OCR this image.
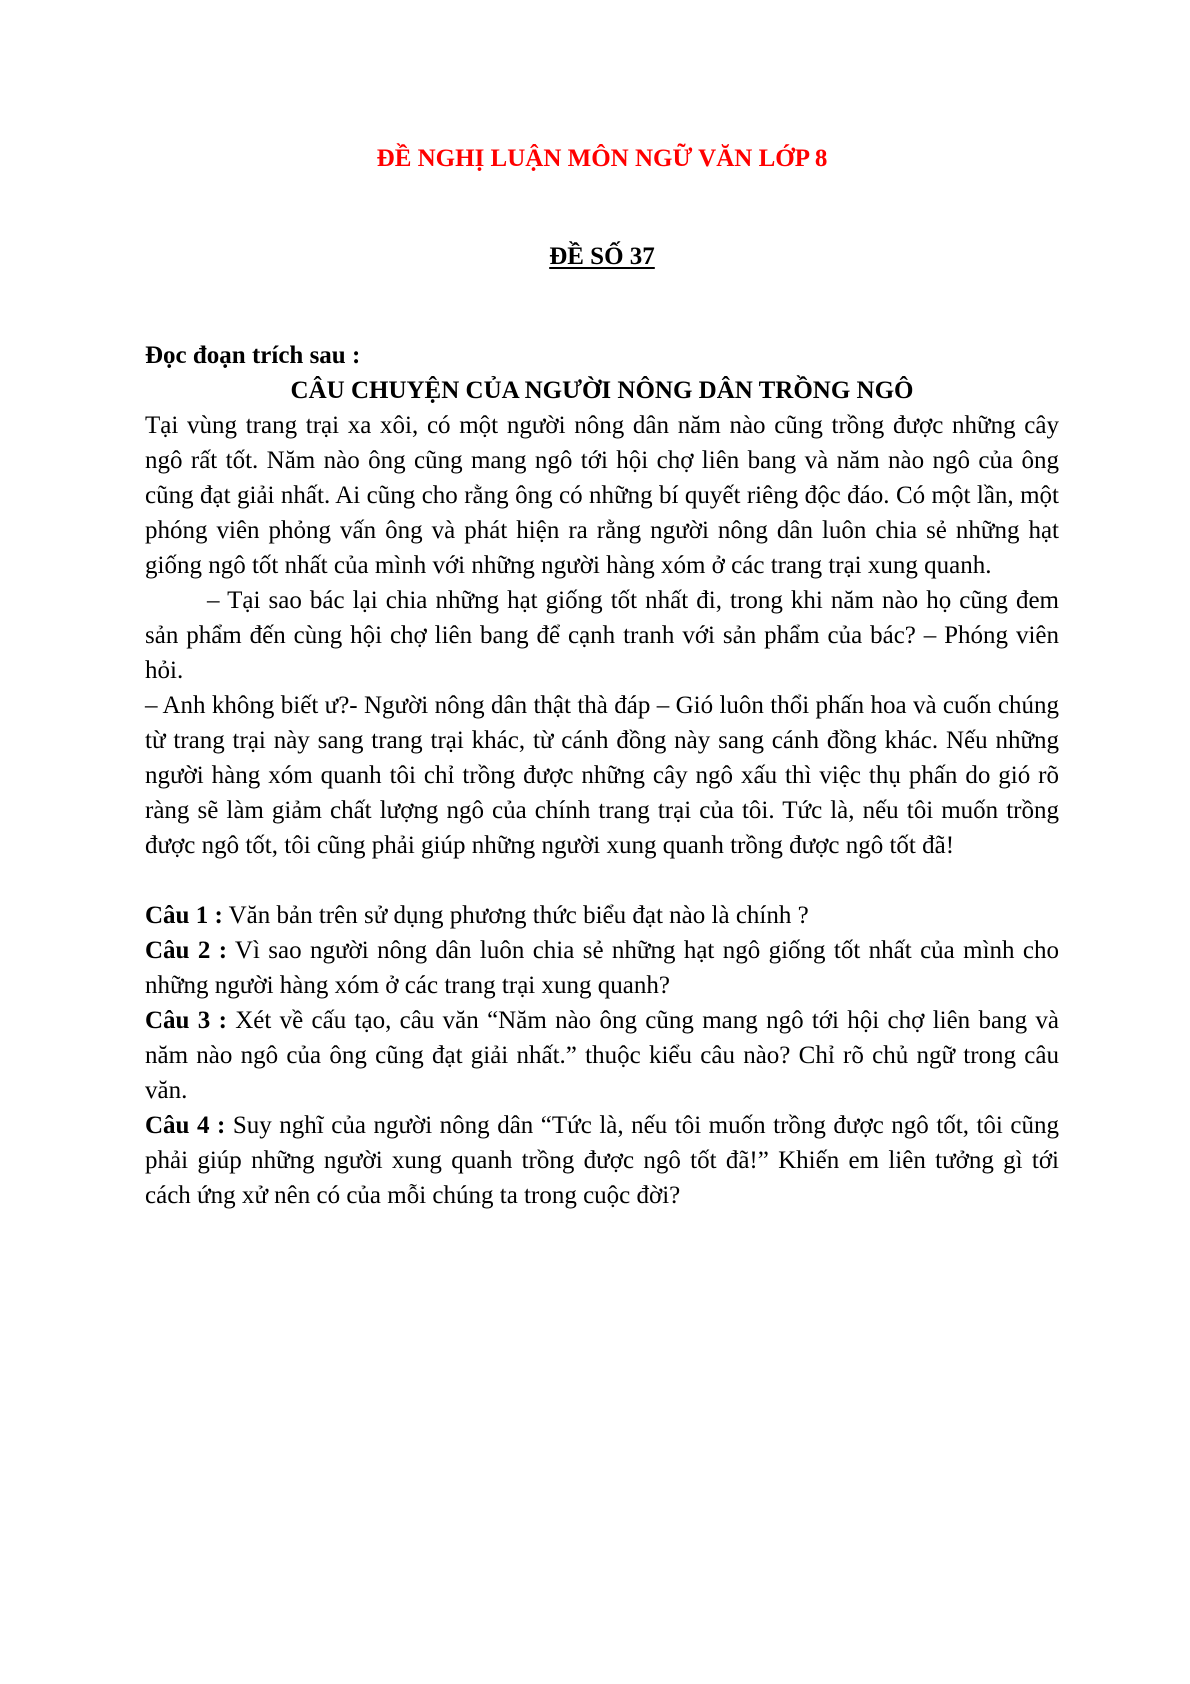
ĐỀ NGHỊ LUẬN MÔN NGỮ VĂN LỚP 8
ĐỀ SỐ 37

Đọc đoạn trích sau :

CÂU CHUYỆN CỦA NGƯỜI NÔNG DÂN TRỒNG NGÔ

Tại vùng trang trại xa xôi, có một người nông dân năm nào cũng trồng được những cây ngô rất tốt. Năm nào ông cũng mang ngô tới hội chợ liên bang và năm nào ngô của ông cũng đạt giải nhất. Ai cũng cho rằng ông có những bí quyết riêng độc đáo. Có một lần, một phóng viên phỏng vấn ông và phát hiện ra rằng người nông dân luôn chia sẻ những hạt giống ngô tốt nhất của mình với những người hàng xóm ở các trang trại xung quanh.

– Tại sao bác lại chia những hạt giống tốt nhất đi, trong khi năm nào họ cũng đem sản phẩm đến cùng hội chợ liên bang để cạnh tranh với sản phẩm của bác? – Phóng viên hỏi.

– Anh không biết ư?- Người nông dân thật thà đáp – Gió luôn thổi phấn hoa và cuốn chúng từ trang trại này sang trang trại khác, từ cánh đồng này sang cánh đồng khác. Nếu những người hàng xóm quanh tôi chỉ trồng được những cây ngô xấu thì việc thụ phấn do gió rõ ràng sẽ làm giảm chất lượng ngô của chính trang trại của tôi. Tức là, nếu tôi muốn trồng được ngô tốt, tôi cũng phải giúp những người xung quanh trồng được ngô tốt đã!

Câu 1 : Văn bản trên sử dụng phương thức biểu đạt nào là chính ?

Câu 2 : Vì sao người nông dân luôn chia sẻ những hạt ngô giống tốt nhất của mình cho những người hàng xóm ở các trang trại xung quanh?

Câu 3 : Xét về cấu tạo, câu văn “Năm nào ông cũng mang ngô tới hội chợ liên bang và năm nào ngô của ông cũng đạt giải nhất.” thuộc kiểu câu nào? Chỉ rõ chủ ngữ trong câu văn.

Câu 4 : Suy nghĩ của người nông dân “Tức là, nếu tôi muốn trồng được ngô tốt, tôi cũng phải giúp những người xung quanh trồng được ngô tốt đã!” Khiến em liên tưởng gì tới cách ứng xử nên có của mỗi chúng ta trong cuộc đời?
